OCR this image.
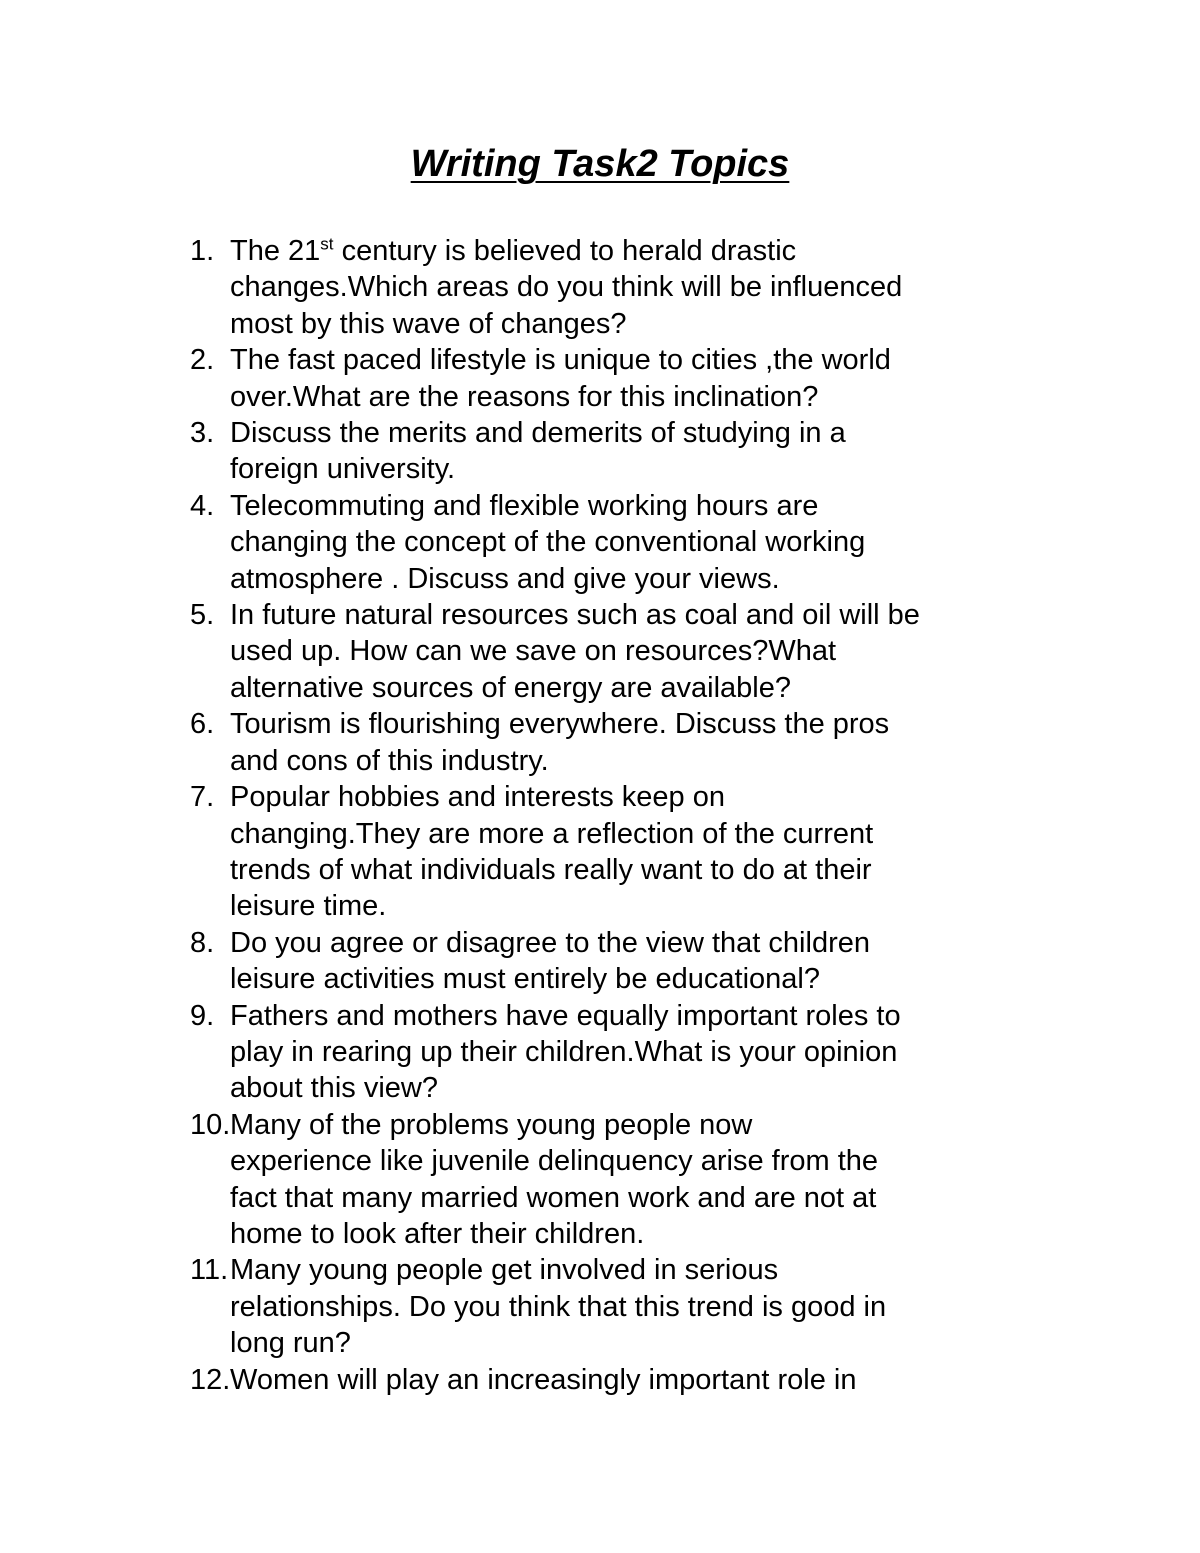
Writing Task2 Topics
1. The 21st century is believed to herald drastic
changes.Which areas do you think will be influenced
most by this wave of changes?
2. The fast paced lifestyle is unique to cities ,the world
over.What are the reasons for this inclination?
3. Discuss the merits and demerits of studying in a
foreign university.
4. Telecommuting and flexible working hours are
changing the concept of the conventional working
atmosphere . Discuss and give your views.
5. In future natural resources such as coal and oil will be
used up. How can we save on resources?What
alternative sources of energy are available?
6. Tourism is flourishing everywhere. Discuss the pros
and cons of this industry.
7. Popular hobbies and interests keep on
changing.They are more a reflection of the current
trends of what individuals really want to do at their
leisure time.
8. Do you agree or disagree to the view that children
leisure activities must entirely be educational?
9. Fathers and mothers have equally important roles to
play in rearing up their children.What is your opinion
about this view?
10. Many of the problems young people now
experience like juvenile delinquency arise from the
fact that many married women work and are not at
home to look after their children.
11. Many young people get involved in serious
relationships. Do you think that this trend is good in
long run?
12. Women will play an increasingly important role in
